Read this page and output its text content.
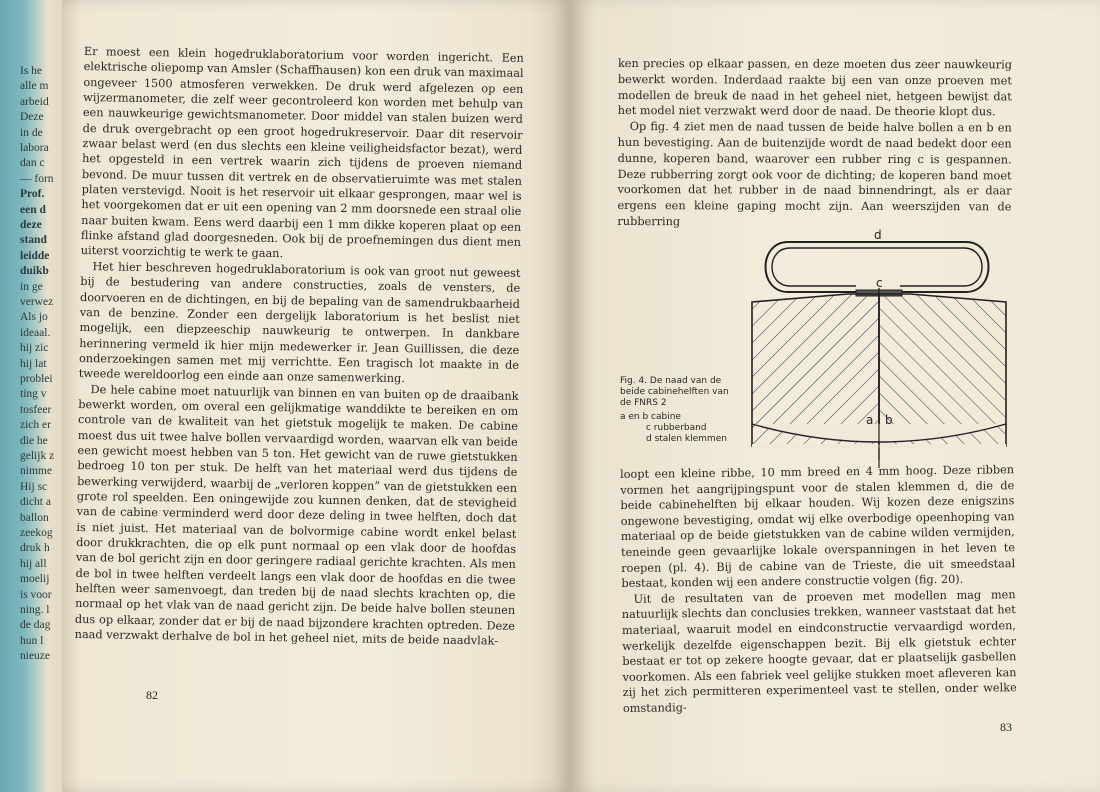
Is he
alle m
arbeid
Deze
in de
labora
dan c
— forn
Prof.
een d
deze
stand
leidde
duikb
in ge
verwez
Als jo
ideaal.
hij zic
hij lat
problei
ting v
tosfeer
zich er
die he
gelijk z
nimme
Hij sc
dicht a
ballon
zeekog
druk h
hij all
moelij
is voor
ning. l
de dag
hun l
nieuze

Er moest een klein hogedruklaboratorium voor worden ingericht. Een elektrische oliepomp van Amsler (Schaffhausen) kon een druk van maximaal ongeveer 1500 atmosferen verwekken. De druk werd afgelezen op een wijzermanometer, die zelf weer gecontroleerd kon worden met behulp van een nauwkeurige gewichtsmanometer. Door middel van stalen buizen werd de druk overgebracht op een groot hogedrukreservoir. Daar dit reservoir zwaar belast werd (en dus slechts een kleine veiligheidsfactor bezat), werd het opgesteld in een vertrek waarin zich tijdens de proeven niemand bevond. De muur tussen dit vertrek en de observatieruimte was met stalen platen verstevigd. Nooit is het reservoir uit elkaar gesprongen, maar wel is het voorgekomen dat er uit een opening van 2 mm doorsnede een straal olie naar buiten kwam. Eens werd daarbij een 1 mm dikke koperen plaat op een flinke afstand glad doorgesneden. Ook bij de proefnemingen dus dient men uiterst voorzichtig te werk te gaan.

Het hier beschreven hogedruklaboratorium is ook van groot nut geweest bij de bestudering van andere constructies, zoals de vensters, de doorvoeren en de dichtingen, en bij de bepaling van de samendrukbaarheid van de benzine. Zonder een dergelijk laboratorium is het beslist niet mogelijk, een diepzeeschip nauwkeurig te ontwerpen. In dankbare herinnering vermeld ik hier mijn medewerker ir. Jean Guillissen, die deze onderzoekingen samen met mij verrichtte. Een tragisch lot maakte in de tweede wereldoorlog een einde aan onze samenwerking.

De hele cabine moet natuurlijk van binnen en van buiten op de draaibank bewerkt worden, om overal een gelijkmatige wanddikte te bereiken en om controle van de kwaliteit van het gietstuk mogelijk te maken. De cabine moest dus uit twee halve bollen vervaardigd worden, waarvan elk van beide een gewicht moest hebben van 5 ton. Het gewicht van de ruwe gietstukken bedroeg 10 ton per stuk. De helft van het materiaal werd dus tijdens de bewerking verwijderd, waarbij de „verloren koppen” van de gietstukken een grote rol speelden. Een oningewijde zou kunnen denken, dat de stevigheid van de cabine verminderd werd door deze deling in twee helften, doch dat is niet juist. Het materiaal van de bolvormige cabine wordt enkel belast door drukkrachten, die op elk punt normaal op een vlak door de hoofdas van de bol gericht zijn en door geringere radiaal gerichte krachten. Als men de bol in twee helften verdeelt langs een vlak door de hoofdas en die twee helften weer samenvoegt, dan treden bij de naad slechts krachten op, die normaal op het vlak van de naad gericht zijn. De beide halve bollen steunen dus op elkaar, zonder dat er bij de naad bijzondere krachten optreden. Deze naad verzwakt derhalve de bol in het geheel niet, mits de beide naadvlak-

82

ken precies op elkaar passen, en deze moeten dus zeer nauwkeurig bewerkt worden. Inderdaad raakte bij een van onze proeven met modellen de breuk de naad in het geheel niet, hetgeen bewijst dat het model niet verzwakt werd door de naad. De theorie klopt dus.

Op fig. 4 ziet men de naad tussen de beide halve bollen a en b en hun bevestiging. Aan de buitenzijde wordt de naad bedekt door een dunne, koperen band, waarover een rubber ring c is gespannen. Deze rubberring zorgt ook voor de dichting; de koperen band moet voorkomen dat het rubber in de naad binnendringt, als er daar ergens een kleine gaping mocht zijn. Aan weerszijden van de rubberring

Fig. 4. De naad van de beide cabinehelften van de FNRS 2
a en b cabine
c rubberband
d stalen klemmen
d
c
a b

loopt een kleine ribbe, 10 mm breed en 4 mm hoog. Deze ribben vormen het aangrijpingspunt voor de stalen klemmen d, die de beide cabinehelften bij elkaar houden. Wij kozen deze enigszins ongewone bevestiging, omdat wij elke overbodige opeenhoping van materiaal op de beide gietstukken van de cabine wilden vermijden, teneinde geen gevaarlijke lokale overspanningen in het leven te roepen (pl. 4). Bij de cabine van de Trieste, die uit smeedstaal bestaat, konden wij een andere constructie volgen (fig. 20).

Uit de resultaten van de proeven met modellen mag men natuurlijk slechts dan conclusies trekken, wanneer vaststaat dat het materiaal, waaruit model en eindconstructie vervaardigd worden, werkelijk dezelfde eigenschappen bezit. Bij elk gietstuk echter bestaat er tot op zekere hoogte gevaar, dat er plaatselijk gasbellen voorkomen. Als een fabriek veel gelijke stukken moet afleveren kan zij het zich permitteren experimenteel vast te stellen, onder welke omstandig-

83
